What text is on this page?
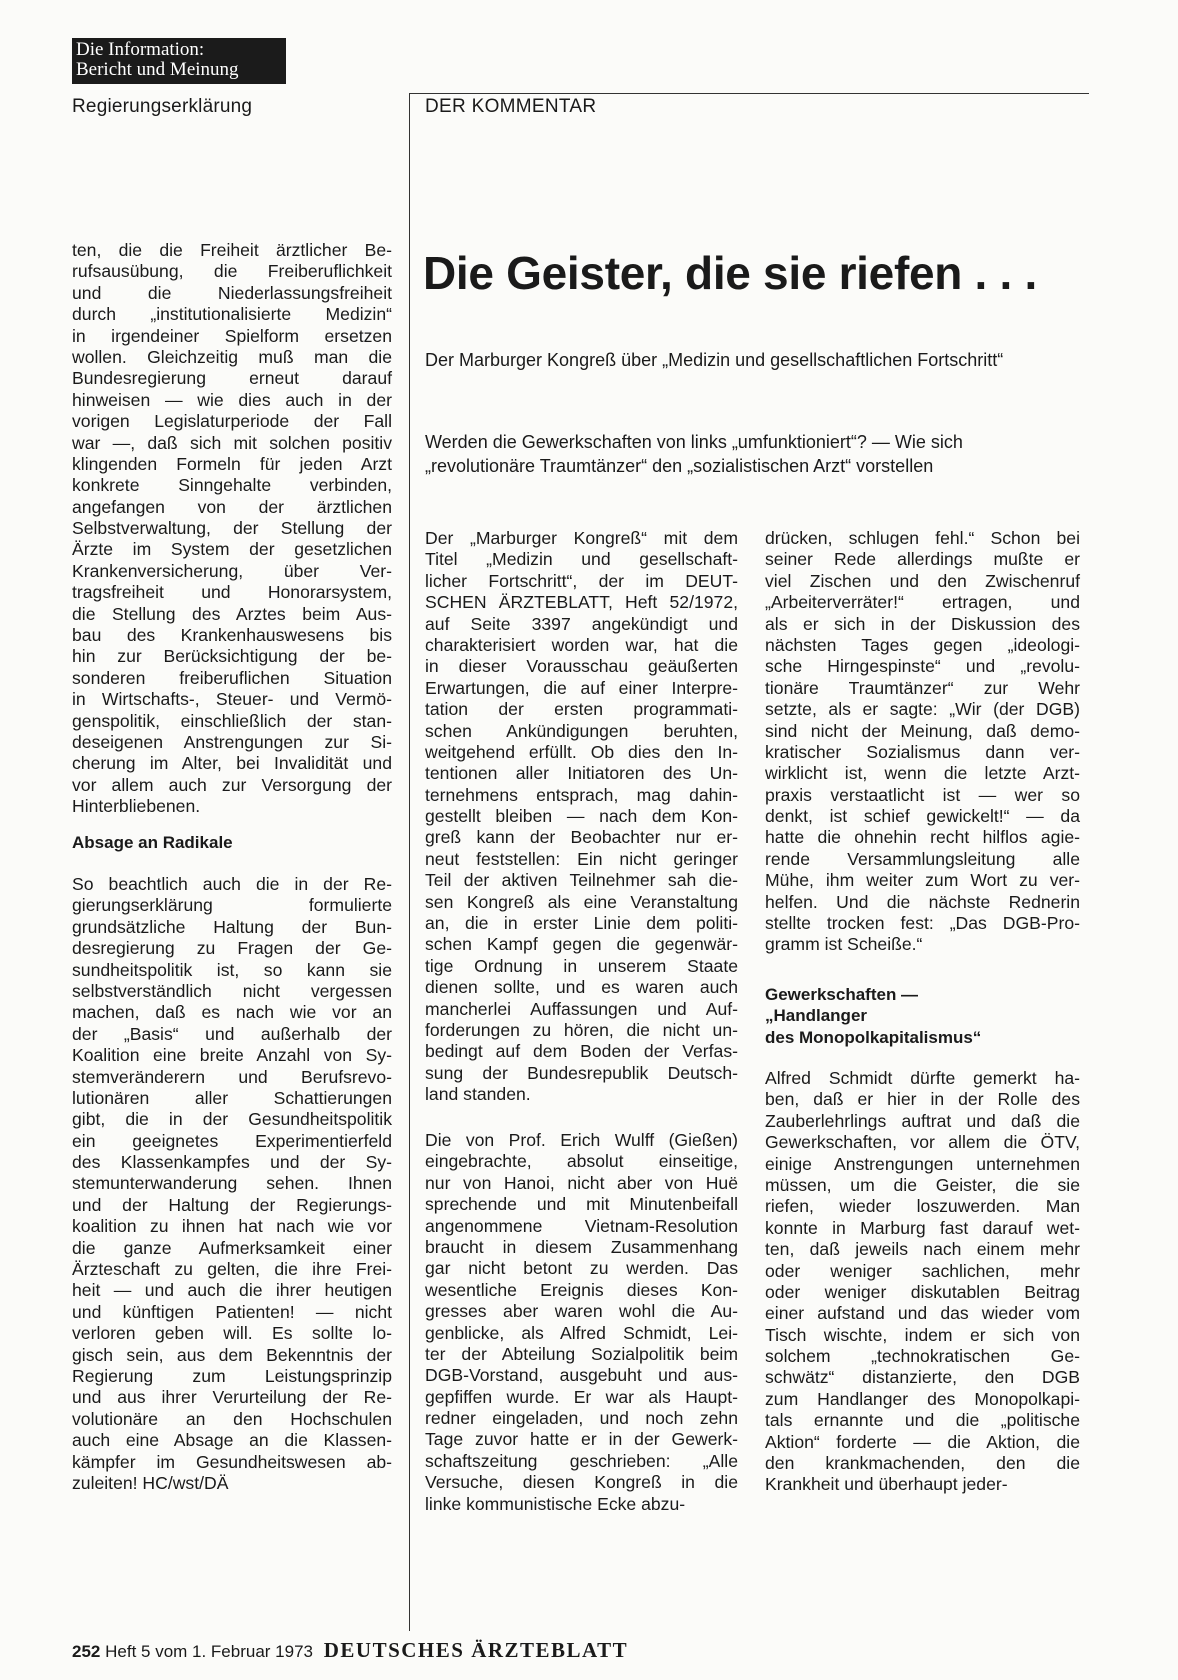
Die Information:
Bericht und Meinung
Regierungserklärung	DER KOMMENTAR
Die Geister, die sie riefen . . .
Der Marburger Kongreß über „Medizin und gesellschaftlichen Fortschritt“
Werden die Gewerkschaften von links „umfunktioniert“? — Wie sich
„revolutionäre Traumtänzer“ den „sozialistischen Arzt“ vorstellen
ten, die die Freiheit ärztlicher Be-
rufsausübung, die Freiberuflichkeit
und die Niederlassungsfreiheit
durch „institutionalisierte Medizin“
in irgendeiner Spielform ersetzen
wollen. Gleichzeitig muß man die
Bundesregierung erneut darauf
hinweisen — wie dies auch in der
vorigen Legislaturperiode der Fall
war —, daß sich mit solchen positiv
klingenden Formeln für jeden Arzt
konkrete Sinngehalte verbinden,
angefangen von der ärztlichen
Selbstverwaltung, der Stellung der
Ärzte im System der gesetzlichen
Krankenversicherung, über Ver-
tragsfreiheit und Honorarsystem,
die Stellung des Arztes beim Aus-
bau des Krankenhauswesens bis
hin zur Berücksichtigung der be-
sonderen freiberuflichen Situation
in Wirtschafts-, Steuer- und Vermö-
genspolitik, einschließlich der stan-
deseigenen Anstrengungen zur Si-
cherung im Alter, bei Invalidität und
vor allem auch zur Versorgung der
Hinterbliebenen.
Absage an Radikale
So beachtlich auch die in der Re-
gierungserklärung formulierte
grundsätzliche Haltung der Bun-
desregierung zu Fragen der Ge-
sundheitspolitik ist, so kann sie
selbstverständlich nicht vergessen
machen, daß es nach wie vor an
der „Basis“ und außerhalb der
Koalition eine breite Anzahl von Sy-
stemveränderern und Berufsrevo-
lutionären aller Schattierungen
gibt, die in der Gesundheitspolitik
ein geeignetes Experimentierfeld
des Klassenkampfes und der Sy-
stemunterwanderung sehen. Ihnen
und der Haltung der Regierungs-
koalition zu ihnen hat nach wie vor
die ganze Aufmerksamkeit einer
Ärzteschaft zu gelten, die ihre Frei-
heit — und auch die ihrer heutigen
und künftigen Patienten! — nicht
verloren geben will. Es sollte lo-
gisch sein, aus dem Bekenntnis der
Regierung zum Leistungsprinzip
und aus ihrer Verurteilung der Re-
volutionäre an den Hochschulen
auch eine Absage an die Klassen-
kämpfer im Gesundheitswesen ab-
zuleiten! HC/wst/DÄ
Der „Marburger Kongreß“ mit dem
Titel „Medizin und gesellschaft-
licher Fortschritt“, der im DEUT-
SCHEN ÄRZTEBLATT, Heft 52/1972,
auf Seite 3397 angekündigt und
charakterisiert worden war, hat die
in dieser Vorausschau geäußerten
Erwartungen, die auf einer Interpre-
tation der ersten programmati-
schen Ankündigungen beruhten,
weitgehend erfüllt. Ob dies den In-
tentionen aller Initiatoren des Un-
ternehmens entsprach, mag dahin-
gestellt bleiben — nach dem Kon-
greß kann der Beobachter nur er-
neut feststellen: Ein nicht geringer
Teil der aktiven Teilnehmer sah die-
sen Kongreß als eine Veranstaltung
an, die in erster Linie dem politi-
schen Kampf gegen die gegenwär-
tige Ordnung in unserem Staate
dienen sollte, und es waren auch
mancherlei Auffassungen und Auf-
forderungen zu hören, die nicht un-
bedingt auf dem Boden der Verfas-
sung der Bundesrepublik Deutsch-
land standen.
Die von Prof. Erich Wulff (Gießen)
eingebrachte, absolut einseitige,
nur von Hanoi, nicht aber von Huë
sprechende und mit Minutenbeifall
angenommene Vietnam-Resolution
braucht in diesem Zusammenhang
gar nicht betont zu werden. Das
wesentliche Ereignis dieses Kon-
gresses aber waren wohl die Au-
genblicke, als Alfred Schmidt, Lei-
ter der Abteilung Sozialpolitik beim
DGB-Vorstand, ausgebuht und aus-
gepfiffen wurde. Er war als Haupt-
redner eingeladen, und noch zehn
Tage zuvor hatte er in der Gewerk-
schaftszeitung geschrieben: „Alle
Versuche, diesen Kongreß in die
linke kommunistische Ecke abzu-
drücken, schlugen fehl.“ Schon bei
seiner Rede allerdings mußte er
viel Zischen und den Zwischenruf
„Arbeiterverräter!“ ertragen, und
als er sich in der Diskussion des
nächsten Tages gegen „ideologi-
sche Hirngespinste“ und „revolu-
tionäre Traumtänzer“ zur Wehr
setzte, als er sagte: „Wir (der DGB)
sind nicht der Meinung, daß demo-
kratischer Sozialismus dann ver-
wirklicht ist, wenn die letzte Arzt-
praxis verstaatlicht ist — wer so
denkt, ist schief gewickelt!“ — da
hatte die ohnehin recht hilflos agie-
rende Versammlungsleitung alle
Mühe, ihm weiter zum Wort zu ver-
helfen. Und die nächste Rednerin
stellte trocken fest: „Das DGB-Pro-
gramm ist Scheiße.“
Gewerkschaften —
„Handlanger
des Monopolkapitalismus“
Alfred Schmidt dürfte gemerkt ha-
ben, daß er hier in der Rolle des
Zauberlehrlings auftrat und daß die
Gewerkschaften, vor allem die ÖTV,
einige Anstrengungen unternehmen
müssen, um die Geister, die sie
riefen, wieder loszuwerden. Man
konnte in Marburg fast darauf wet-
ten, daß jeweils nach einem mehr
oder weniger sachlichen, mehr
oder weniger diskutablen Beitrag
einer aufstand und das wieder vom
Tisch wischte, indem er sich von
solchem „technokratischen Ge-
schwätz“ distanzierte, den DGB
zum Handlanger des Monopolkapi-
tals ernannte und die „politische
Aktion“ forderte — die Aktion, die
den krankmachenden, den die
Krankheit und überhaupt jeder-
252 Heft 5 vom 1. Februar 1973 DEUTSCHES ÄRZTEBLATT
